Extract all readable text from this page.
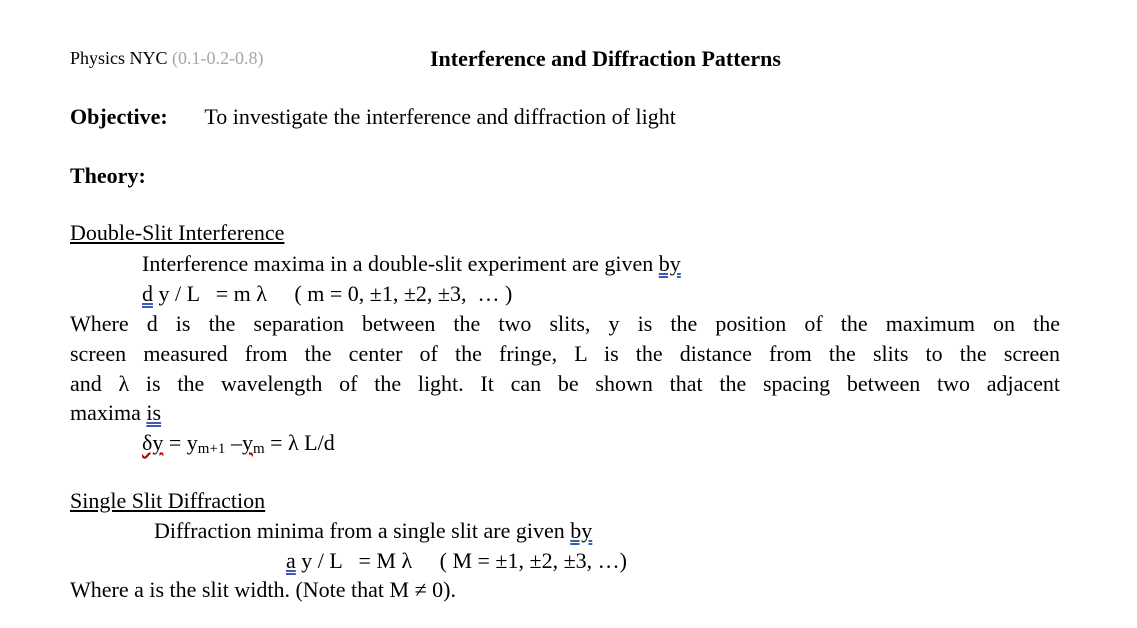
Physics NYC (0.1-0.2-0.8)	Interference and Diffraction Patterns
Objective: To investigate the interference and diffraction of light
Theory:
Double-Slit Interference
Interference maxima in a double-slit experiment are given by
d y / L   = m λ     ( m = 0, ±1, ±2, ±3,  … )
Where d is the separation between the two slits, y is the position of the maximum on the
screen measured from the center of the fringe, L is the distance from the slits to the screen
and λ is the wavelength of the light. It can be shown that the spacing between two adjacent
maxima is
$\delta y = y_{m+1}$ $-y_m = \lambda$ L/d
Single Slit Diffraction
Diffraction minima from a single slit are given by
a y / L   = M λ     ( M = ±1, ±2, ±3, …)
Where a is the slit width. (Note that M ≠ 0).
